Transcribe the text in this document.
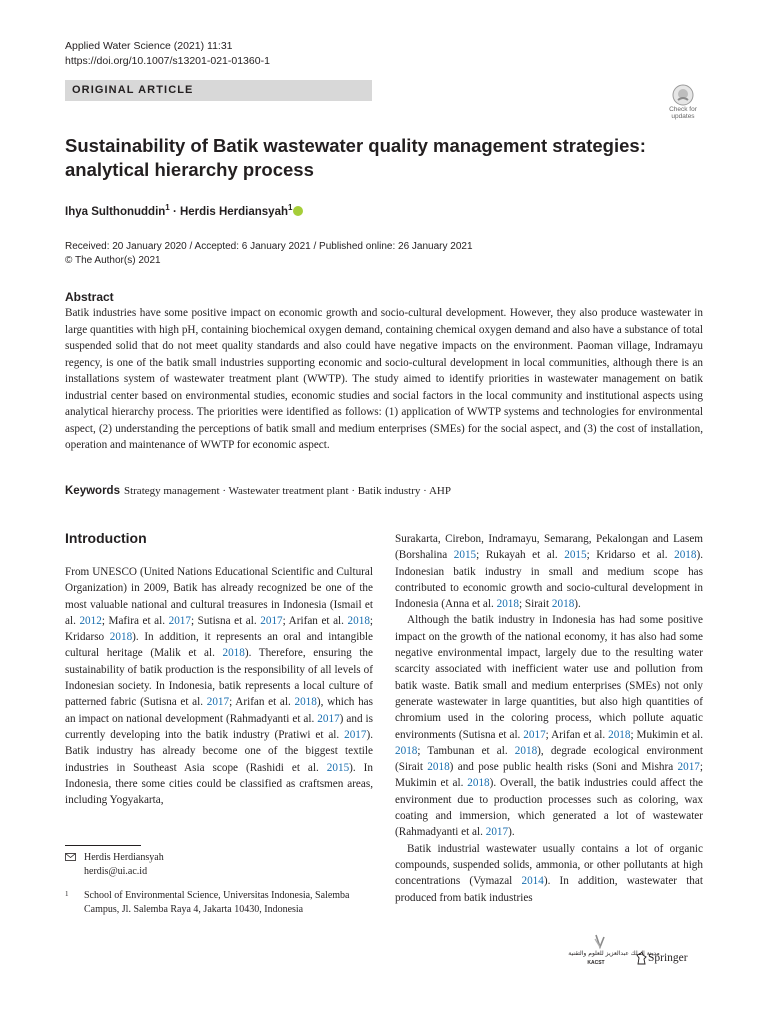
Applied Water Science (2021) 11:31
https://doi.org/10.1007/s13201-021-01360-1
ORIGINAL ARTICLE
Check for
updates
Sustainability of Batik wastewater quality management strategies: analytical hierarchy process
Ihya Sulthonuddin$^1$ · Herdis Herdiansyah$^1$
Received: 20 January 2020 / Accepted: 6 January 2021 / Published online: 26 January 2021
© The Author(s) 2021
Abstract

Batik industries have some positive impact on economic growth and socio-cultural development. However, they also produce wastewater in large quantities with high pH, containing biochemical oxygen demand, containing chemical oxygen demand and also have a substance of total suspended solid that do not meet quality standards and also could have negative impacts on the environment. Paoman village, Indramayu regency, is one of the batik small industries supporting economic and socio-cultural development in local communities, although there is an installations system of wastewater treatment plant (WWTP). The study aimed to identify priorities in wastewater management on batik industrial center based on environmental studies, economic studies and social factors in the local community and institutional aspects using analytical hierarchy process. The priorities were identified as follows: (1) application of WWTP systems and technologies for environmental aspect, (2) understanding the perceptions of batik small and medium enterprises (SMEs) for the social aspect, and (3) the cost of installation, operation and maintenance of WWTP for economic aspect.

Keywords Strategy management · Wastewater treatment plant · Batik industry · AHP
Introduction

From UNESCO (United Nations Educational Scientific and Cultural Organization) in 2009, Batik has already recognized be one of the most valuable national and cultural treasures in Indonesia (Ismail et al. 2012; Mafira et al. 2017; Sutisna et al. 2017; Arifan et al. 2018; Kridarso 2018). In addition, it represents an oral and intangible cultural heritage (Malik et al. 2018). Therefore, ensuring the sustainability of batik production is the responsibility of all levels of Indonesian society. In Indonesia, batik represents a local culture of patterned fabric (Sutisna et al. 2017; Arifan et al. 2018), which has an impact on national development (Rahmadyanti et al. 2017) and is currently developing into the batik industry (Pratiwi et al. 2017). Batik industry has already become one of the biggest textile industries in Southeast Asia scope (Rashidi et al. 2015). In Indonesia, there some cities could be classified as craftsmen areas, including Yogyakarta,

Surakarta, Cirebon, Indramayu, Semarang, Pekalongan and Lasem (Borshalina 2015; Rukayah et al. 2015; Kridarso et al. 2018). Indonesian batik industry in small and medium scope has contributed to economic growth and socio-cultural development in Indonesia (Anna et al. 2018; Sirait 2018).

Although the batik industry in Indonesia has had some positive impact on the growth of the national economy, it has also had some negative environmental impact, largely due to the resulting water scarcity associated with inefficient water use and pollution from batik waste. Batik small and medium enterprises (SMEs) not only generate wastewater in large quantities, but also high quantities of chromium used in the coloring process, which pollute aquatic environments (Sutisna et al. 2017; Arifan et al. 2018; Mukimin et al. 2018; Tambunan et al. 2018), degrade ecological environment (Sirait 2018) and pose public health risks (Soni and Mishra 2017; Mukimin et al. 2018). Overall, the batik industries could affect the environment due to production processes such as coloring, wax coating and immersion, which generated a lot of wastewater (Rahmadyanti et al. 2017).

Batik industrial wastewater usually contains a lot of organic compounds, suspended solids, ammonia, or other pollutants at high concentrations (Vymazal 2014). In addition, wastewater that produced from batik industries

Herdis Herdiansyah
herdis@ui.ac.id
1 School of Environmental Science, Universitas Indonesia, Salemba Campus, Jl. Salemba Raya 4, Jakarta 10430, Indonesia
مدينة الملك عبدالعزيز للعلوم والتقنية
KACST	Springer
